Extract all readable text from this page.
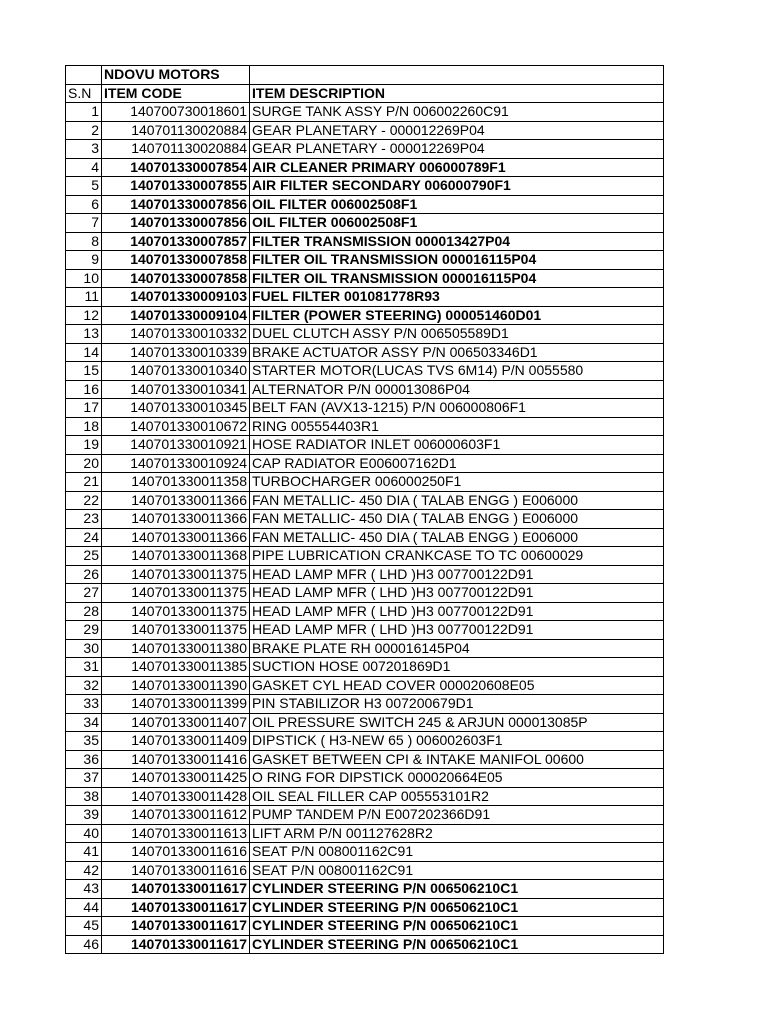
	NDOVU MOTORS	
S.N	ITEM CODE	ITEM DESCRIPTION
1	140700730018601	SURGE TANK ASSY P/N 006002260C91
2	140701130020884	GEAR PLANETARY - 000012269P04
3	140701130020884	GEAR PLANETARY - 000012269P04
4	140701330007854	AIR CLEANER PRIMARY 006000789F1
5	140701330007855	AIR FILTER SECONDARY 006000790F1
6	140701330007856	OIL FILTER 006002508F1
7	140701330007856	OIL FILTER 006002508F1
8	140701330007857	FILTER TRANSMISSION 000013427P04
9	140701330007858	FILTER OIL TRANSMISSION 000016115P04
10	140701330007858	FILTER OIL TRANSMISSION 000016115P04
11	140701330009103	FUEL FILTER 001081778R93
12	140701330009104	FILTER (POWER STEERING) 000051460D01
13	140701330010332	DUEL CLUTCH ASSY P/N 006505589D1
14	140701330010339	BRAKE ACTUATOR ASSY P/N 006503346D1
15	140701330010340	STARTER MOTOR(LUCAS TVS 6M14) P/N 0055580
16	140701330010341	ALTERNATOR P/N 000013086P04
17	140701330010345	BELT FAN (AVX13-1215) P/N 006000806F1
18	140701330010672	RING 005554403R1
19	140701330010921	HOSE RADIATOR INLET 006000603F1
20	140701330010924	CAP RADIATOR E006007162D1
21	140701330011358	TURBOCHARGER 006000250F1
22	140701330011366	FAN METALLIC- 450 DIA ( TALAB ENGG ) E006000
23	140701330011366	FAN METALLIC- 450 DIA ( TALAB ENGG ) E006000
24	140701330011366	FAN METALLIC- 450 DIA ( TALAB ENGG ) E006000
25	140701330011368	PIPE LUBRICATION CRANKCASE TO TC 00600029
26	140701330011375	HEAD LAMP MFR ( LHD )H3 007700122D91
27	140701330011375	HEAD LAMP MFR ( LHD )H3 007700122D91
28	140701330011375	HEAD LAMP MFR ( LHD )H3 007700122D91
29	140701330011375	HEAD LAMP MFR ( LHD )H3 007700122D91
30	140701330011380	BRAKE PLATE RH 000016145P04
31	140701330011385	SUCTION HOSE 007201869D1
32	140701330011390	GASKET CYL HEAD COVER 000020608E05
33	140701330011399	PIN STABILIZOR H3 007200679D1
34	140701330011407	OIL PRESSURE SWITCH 245 & ARJUN 000013085P
35	140701330011409	DIPSTICK ( H3-NEW 65 ) 006002603F1
36	140701330011416	GASKET BETWEEN CPI & INTAKE MANIFOL 00600
37	140701330011425	O RING FOR DIPSTICK 000020664E05
38	140701330011428	OIL SEAL FILLER CAP 005553101R2
39	140701330011612	PUMP TANDEM P/N E007202366D91
40	140701330011613	LIFT ARM P/N 001127628R2
41	140701330011616	SEAT P/N 008001162C91
42	140701330011616	SEAT P/N 008001162C91
43	140701330011617	CYLINDER STEERING P/N 006506210C1
44	140701330011617	CYLINDER STEERING P/N 006506210C1
45	140701330011617	CYLINDER STEERING P/N 006506210C1
46	140701330011617	CYLINDER STEERING P/N 006506210C1
